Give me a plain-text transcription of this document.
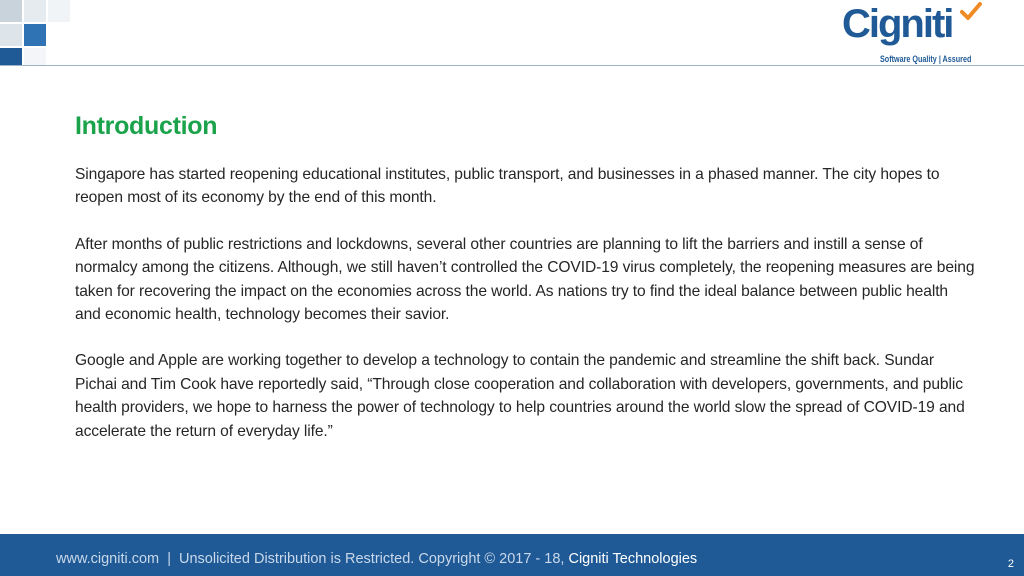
Cigniti
Software Quality | Assured
Introduction

Singapore has started reopening educational institutes, public transport, and businesses in a phased manner. The city hopes to reopen most of its economy by the end of this month.

After months of public restrictions and lockdowns, several other countries are planning to lift the barriers and instill a sense of normalcy among the citizens. Although, we still haven’t controlled the COVID-19 virus completely, the reopening measures are being taken for recovering the impact on the economies across the world. As nations try to find the ideal balance between public health and economic health, technology becomes their savior.

Google and Apple are working together to develop a technology to contain the pandemic and streamline the shift back. Sundar Pichai and Tim Cook have reportedly said, “Through close cooperation and collaboration with developers, governments, and public health providers, we hope to harness the power of technology to help countries around the world slow the spread of COVID-19 and accelerate the return of everyday life.”

www.cigniti.com  |  Unsolicited Distribution is Restricted. Copyright © 2017 - 18, Cigniti Technologies	2
